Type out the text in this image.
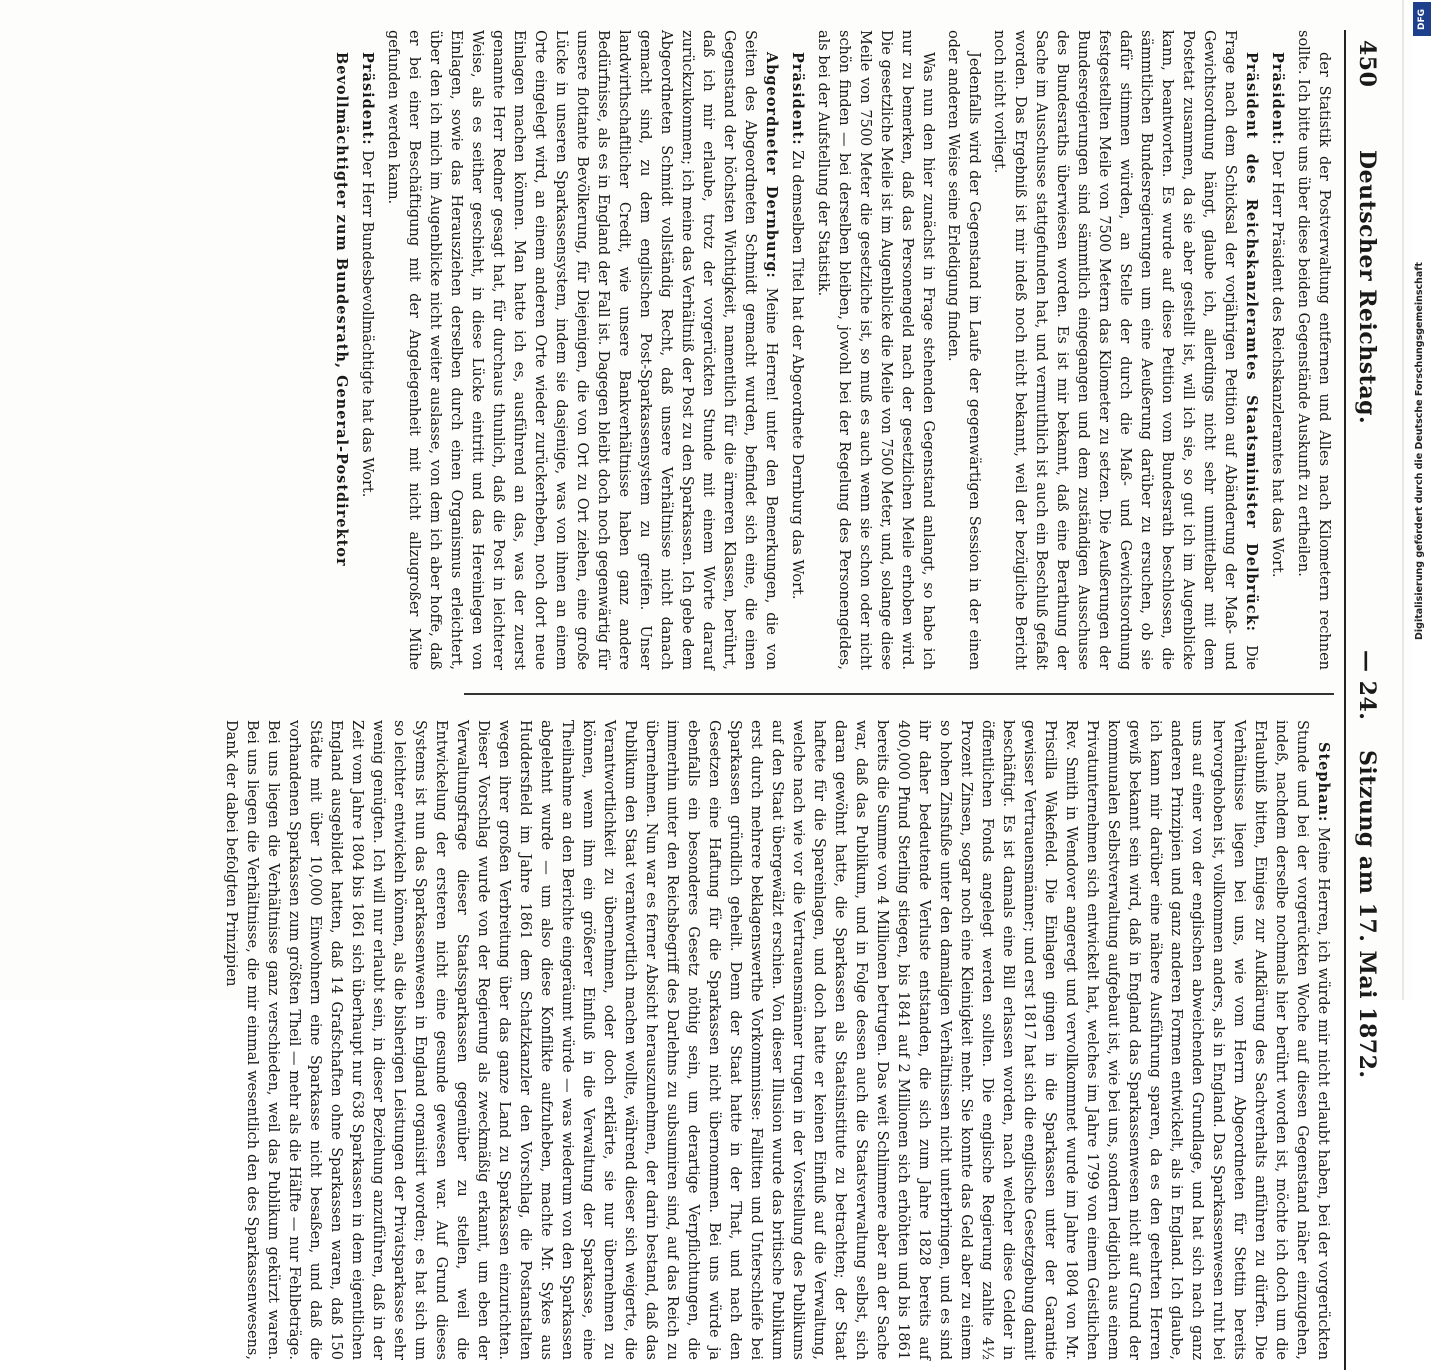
450
Deutscher Reichstag.
— 24.
Sitzung am 17. Mai 1872.

der Statistik der Postverwaltung entfernen und Alles nach Kilometern rechnen sollte. Ich bitte uns über diese beiden Gegenstände Auskunft zu ertheilen.

Präsident: Der Herr Präsident des Reichskanzleramtes hat das Wort.

Präsident des Reichskanzleramtes Staatsminister Delbrück: Die Frage nach dem Schicksal der vorjährigen Petition auf Abänderung der Maß- und Gewichtsordnung hängt, glaube ich, allerdings nicht sehr unmittelbar mit dem Postetat zusammen, da sie aber gestellt ist, will ich sie, so gut ich im Augenblicke kann, beantworten. Es wurde auf diese Petition vom Bundesrath beschlossen, die sämmtlichen Bundesregierungen um eine Aeußerung darüber zu ersuchen, ob sie dafür stimmen würden, an Stelle der durch die Maß- und Gewichtsordnung festgestellten Meile von 7500 Metern das Kilometer zu setzen. Die Aeußerungen der Bundesregierungen sind sämmtlich eingegangen und dem zuständigen Ausschusse des Bundesraths überwiesen worden. Es ist mir bekannt, daß eine Berathung der Sache im Ausschusse stattgefunden hat, und vermuthlich ist auch ein Beschluß gefaßt worden. Das Ergebniß ist mir indeß noch nicht bekannt, weil der bezügliche Bericht noch nicht vorliegt.

Jedenfalls wird der Gegenstand im Laufe der gegenwärtigen Session in der einen oder anderen Weise seine Erledigung finden.

Was nun den hier zunächst in Frage stehenden Gegenstand anlangt, so habe ich nur zu bemerken, daß das Personengeld nach der gesetzlichen Meile erhoben wird. Die gesetzliche Meile ist im Augenblicke die Meile von 7500 Meter, und, solange diese Meile von 7500 Meter die gesetzliche ist, so muß es auch wenn sie schon oder nicht schön finden — bei derselben bleiben, jowohl bei der Regelung des Personengeldes, als bei der Aufstellung der Statistik.

Präsident: Zu demselben Titel hat der Abgeordnete Dernburg das Wort.

Abgeordneter Dernburg: Meine Herren! unter den Bemerkungen, die von Seiten des Abgeordneten Schmidt gemacht wurden, befindet sich eine, die einen Gegenstand der höchsten Wichtigkeit, namentlich für die ärmeren Klassen, berührt, daß ich mir erlaube, trotz der vorgerückten Stunde mit einem Worte darauf zurückzukommen; ich meine das Verhältniß der Post zu den Sparkassen. Ich gebe dem Abgeordneten Schmidt vollständig Recht, daß unsere Verhältnisse nicht danach gemacht sind, zu dem englischen Post-Sparkassensystem zu greifen. Unser landwirthschaftlicher Credit, wie unsere Bankverhältnisse haben ganz andere Bedürfnisse, als es in England der Fall ist. Dagegen bleibt doch noch gegenwärtig für unsere flottante Bevölkerung, für Diejenigen, die von Ort zu Ort ziehen, eine große Lücke in unseren Sparkassensystem, indem sie dasjenige, was von ihnen an einem Orte eingelegt wird, an einem anderen Orte wieder zurückerheben, noch dort neue Einlagen machen können. Man hatte ich es, ausführend an das, was der zuerst genannte Herr Redner gesagt hat, für durchaus thunlich, daß die Post in leichterer Weise, als es seither geschieht, in diese Lücke eintritt und das Hereinlegen von Einlagen, sowie das Herausziehen derselben durch einen Organismus erleichtert, über den ich mich im Augenblicke nicht weiter auslasse, von dem ich aber hoffe, daß er bei einer Beschäftigung mit der Angelegenheit mit nicht allzugroßer Mühe gefunden werden kann.

Präsident: Der Herr Bundesbevollmächtigte hat das Wort.

Bevollmächtigter zum Bundesrath, General-Postdirektor

Stephan: Meine Herren, ich würde mir nicht erlaubt haben, bei der vorgerückten Stunde und bei der vorgerückten Woche auf diesen Gegenstand näher einzugehen, indeß, nachdem derselbe nochmals hier berührt worden ist, möchte ich doch um die Erlaubniß bitten, Einiges zur Aufklärung des Sachverhalts anführen zu dürfen. Die Verhältnisse liegen bei uns, wie vom Herrn Abgeordneten für Stettin bereits hervorgehoben ist, vollkommen anders, als in England. Das Sparkassenwesen ruht bei uns auf einer von der englischen abweichenden Grundlage, und hat sich nach ganz anderen Prinzipien und ganz anderen Formen entwickelt, als in England. Ich glaube, ich kann mir darüber eine nähere Ausführung sparen, da es den geehrten Herren gewiß bekannt sein wird, daß in England das Sparkassenwesen nicht auf Grund der kommunalen Selbstverwaltung aufgebaut ist, wie bei uns, sondern lediglich aus einem Privatunternehmen sich entwickelt hat, welches im Jahre 1799 von einem Geistlichen Rev. Smith in Wendover angeregt und vervollkommnet wurde im Jahre 1804 von Mr. Priscilla Wakefield. Die Einlagen gingen in die Sparkassen unter der Garantie gewisser Vertrauensmänner; und erst 1817 hat sich die englische Gesetzgebung damit beschäftigt. Es ist damals eine Bill erlassen worden, nach welcher diese Gelder in öffentlichen Fonds angelegt werden sollten. Die englische Regierung zahlte 4½ Prozent Zinsen, sogar noch eine Kleinigkeit mehr. Sie konnte das Geld aber zu einem so hohen Zinsfuße unter den damaligen Verhältnissen nicht unterbringen, und es sind ihr daher bedeutende Verluste entstanden, die sich zum Jahre 1828 bereits auf 400,000 Pfund Sterling stiegen, bis 1841 auf 2 Millionen sich erhöhten und bis 1861 bereits die Summe von 4 Millionen betrugen. Das weit Schlimmere aber an der Sache war, daß das Publikum, und in Folge dessen auch die Staatsverwaltung selbst, sich daran gewöhnt hatte, die Sparkassen als Staatsinstitute zu betrachten; der Staat haftete für die Spareinlagen, und doch hatte er keinen Einfluß auf die Verwaltung, welche nach wie vor die Vertrauensmänner trugen in der Vorstellung des Publikums auf den Staat übergewälzt erschien. Von dieser Illusion wurde das britische Publikum erst durch mehrere beklagenswerthe Vorkommnisse: Fallitten und Unterschleife bei Sparkassen gründlich geheilt. Denn der Staat hatte in der That, und nach den Gesetzen eine Haftung für die Sparkassen nicht übernommen. Bei uns würde ja ebenfalls ein besonderes Gesetz nöthig sein, um derartige Verpflichtungen, die immerhin unter den Reichsbegriff des Darlehns zu subsumiren sind, auf das Reich zu übernehmen. Nun war es ferner Absicht herauszunehmen, der darin bestand, daß das Publikum den Staat verantwortlich machen wollte, während dieser sich weigerte, die Verantwortlichkeit zu übernehmen, oder doch erklärte, sie nur übernehmen zu können, wenn ihm ein größerer Einfluß in die Verwaltung der Sparkasse, eine Theilnahme an den Berichte eingeräumt würde — was wiederum von den Sparkassen abgelehnt wurde — um also diese Konflikte aufzuheben, machte Mr. Sykes aus Huddersfield im Jahre 1861 dem Schatzkanzler den Vorschlag, die Postanstalten wegen ihrer großen Verbreitung über das ganze Land zu Sparkassen einzurichten. Dieser Vorschlag wurde von der Regierung als zweckmäßig erkannt, um eben der Verwaltungsfrage dieser Staatssparkassen gegenüber zu stellen, weil die Entwickelung der ersteren nicht eine gesunde gewesen war. Auf Grund dieses Systems ist nun das Sparkassenwesen in England organisirt worden; es hat sich um so leichter entwickeln können, als die bisherigen Leistungen der Privatsparkasse sehr wenig genügten. Ich will nur erlaubt sein, in dieser Beziehung anzuführen, daß in der Zeit vom Jahre 1804 bis 1861 sich überhaupt nur 638 Sparkassen in dem eigentlichen England ausgebildet hatten, daß 14 Grafschaften ohne Sparkassen waren, daß 150 Städte mit über 10,000 Einwohnern eine Sparkasse nicht besaßen, und daß die vorhandenen Sparkassen zum größten Theil — mehr als die Hälfte — nur Fehlbeträge. Bei uns liegen die Verhältnisse ganz verschieden, weil das Publikum gekürzt waren. Bei uns liegen die Verhältnisse, die mir einmal wesentlich den des Sparkassenwesens, Dank der dabei befolgten Prinzipien

DFG
Digitalisierung gefördert durch die Deutsche Forschungsgemeinschaft
